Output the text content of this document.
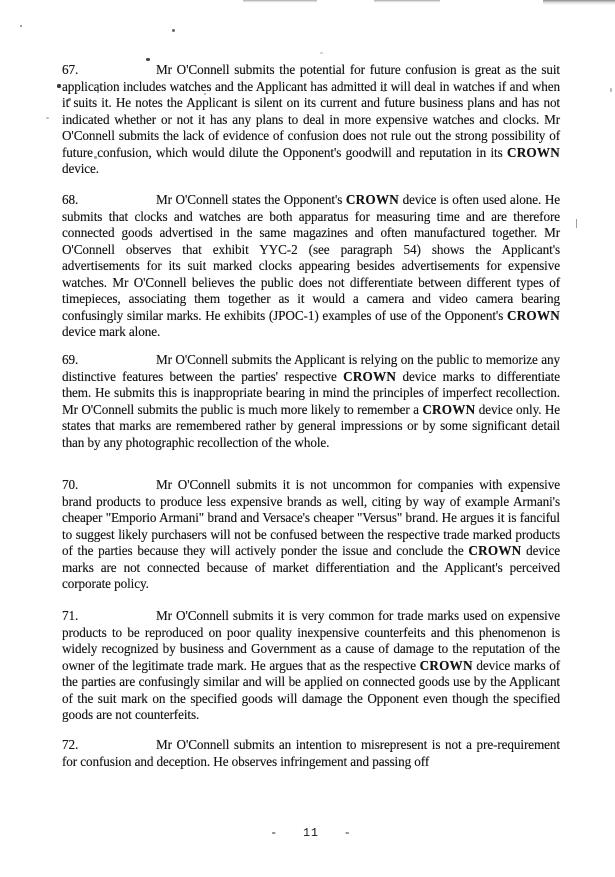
67.	Mr O'Connell submits the potential for future confusion is great as the suit application includes watches and the Applicant has admitted it will deal in watches if and when it suits it. He notes the Applicant is silent on its current and future business plans and has not indicated whether or not it has any plans to deal in more expensive watches and clocks. Mr O'Connell submits the lack of evidence of confusion does not rule out the strong possibility of future confusion, which would dilute the Opponent's goodwill and reputation in its CROWN device.

68.	Mr O'Connell states the Opponent's CROWN device is often used alone. He submits that clocks and watches are both apparatus for measuring time and are therefore connected goods advertised in the same magazines and often manufactured together. Mr O'Connell observes that exhibit YYC-2 (see paragraph 54) shows the Applicant's advertisements for its suit marked clocks appearing besides advertisements for expensive watches. Mr O'Connell believes the public does not differentiate between different types of timepieces, associating them together as it would a camera and video camera bearing confusingly similar marks. He exhibits (JPOC-1) examples of use of the Opponent's CROWN device mark alone.

69.	Mr O'Connell submits the Applicant is relying on the public to memorize any distinctive features between the parties' respective CROWN device marks to differentiate them. He submits this is inappropriate bearing in mind the principles of imperfect recollection. Mr O'Connell submits the public is much more likely to remember a CROWN device only. He states that marks are remembered rather by general impressions or by some significant detail than by any photographic recollection of the whole.

70.	Mr O'Connell submits it is not uncommon for companies with expensive brand products to produce less expensive brands as well, citing by way of example Armani's cheaper "Emporio Armani" brand and Versace's cheaper "Versus" brand. He argues it is fanciful to suggest likely purchasers will not be confused between the respective trade marked products of the parties because they will actively ponder the issue and conclude the CROWN device marks are not connected because of market differentiation and the Applicant's perceived corporate policy.

71.	Mr O'Connell submits it is very common for trade marks used on expensive products to be reproduced on poor quality inexpensive counterfeits and this phenomenon is widely recognized by business and Government as a cause of damage to the reputation of the owner of the legitimate trade mark. He argues that as the respective CROWN device marks of the parties are confusingly similar and will be applied on connected goods use by the Applicant of the suit mark on the specified goods will damage the Opponent even though the specified goods are not counterfeits.

72.	Mr O'Connell submits an intention to misrepresent is not a pre-requirement for confusion and deception. He observes infringement and passing off

- 11 -
